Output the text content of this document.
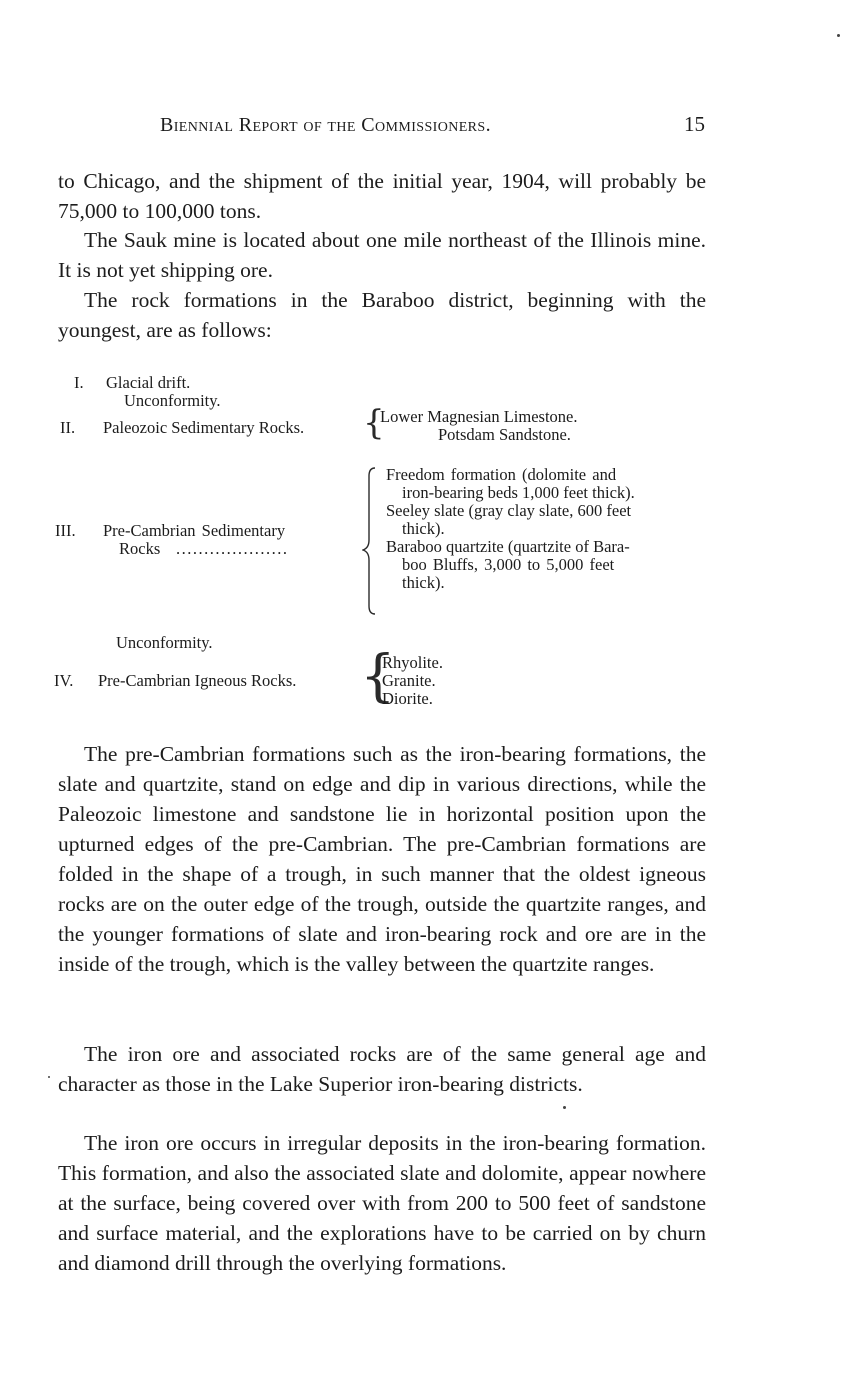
Biennial Report of the Commissioners.	15

to Chicago, and the shipment of the initial year, 1904, will probably be 75,000 to 100,000 tons.

The Sauk mine is located about one mile northeast of the Illinois mine. It is not yet shipping ore.

The rock formations in the Baraboo district, beginning with the youngest, are as follows:

I. Glacial drift.
Unconformity.
II. Paleozoic Sedimentary Rocks. {
Lower Magnesian Limestone.
Potsdam Sandstone.
III. Pre-Cambrian Sedimentary
Rocks ....................
Freedom formation (dolomite and
iron-bearing beds 1,000 feet thick).
Seeley slate (gray clay slate, 600 feet
thick).
Baraboo quartzite (quartzite of Bara-
boo Bluffs, 3,000 to 5,000 feet
thick).
Unconformity.
IV. Pre-Cambrian Igneous Rocks. {
Rhyolite.
Granite.
Diorite.

The pre-Cambrian formations such as the iron-bearing formations, the slate and quartzite, stand on edge and dip in various directions, while the Paleozoic limestone and sandstone lie in horizontal position upon the upturned edges of the pre-Cambrian. The pre-Cambrian formations are folded in the shape of a trough, in such manner that the oldest igneous rocks are on the outer edge of the trough, outside the quartzite ranges, and the younger formations of slate and iron-bearing rock and ore are in the inside of the trough, which is the valley between the quartzite ranges.

The iron ore and associated rocks are of the same general age and character as those in the Lake Superior iron-bearing districts.

The iron ore occurs in irregular deposits in the iron-bearing formation. This formation, and also the associated slate and dolomite, appear nowhere at the surface, being covered over with from 200 to 500 feet of sandstone and surface material, and the explorations have to be carried on by churn and diamond drill through the overlying formations.
